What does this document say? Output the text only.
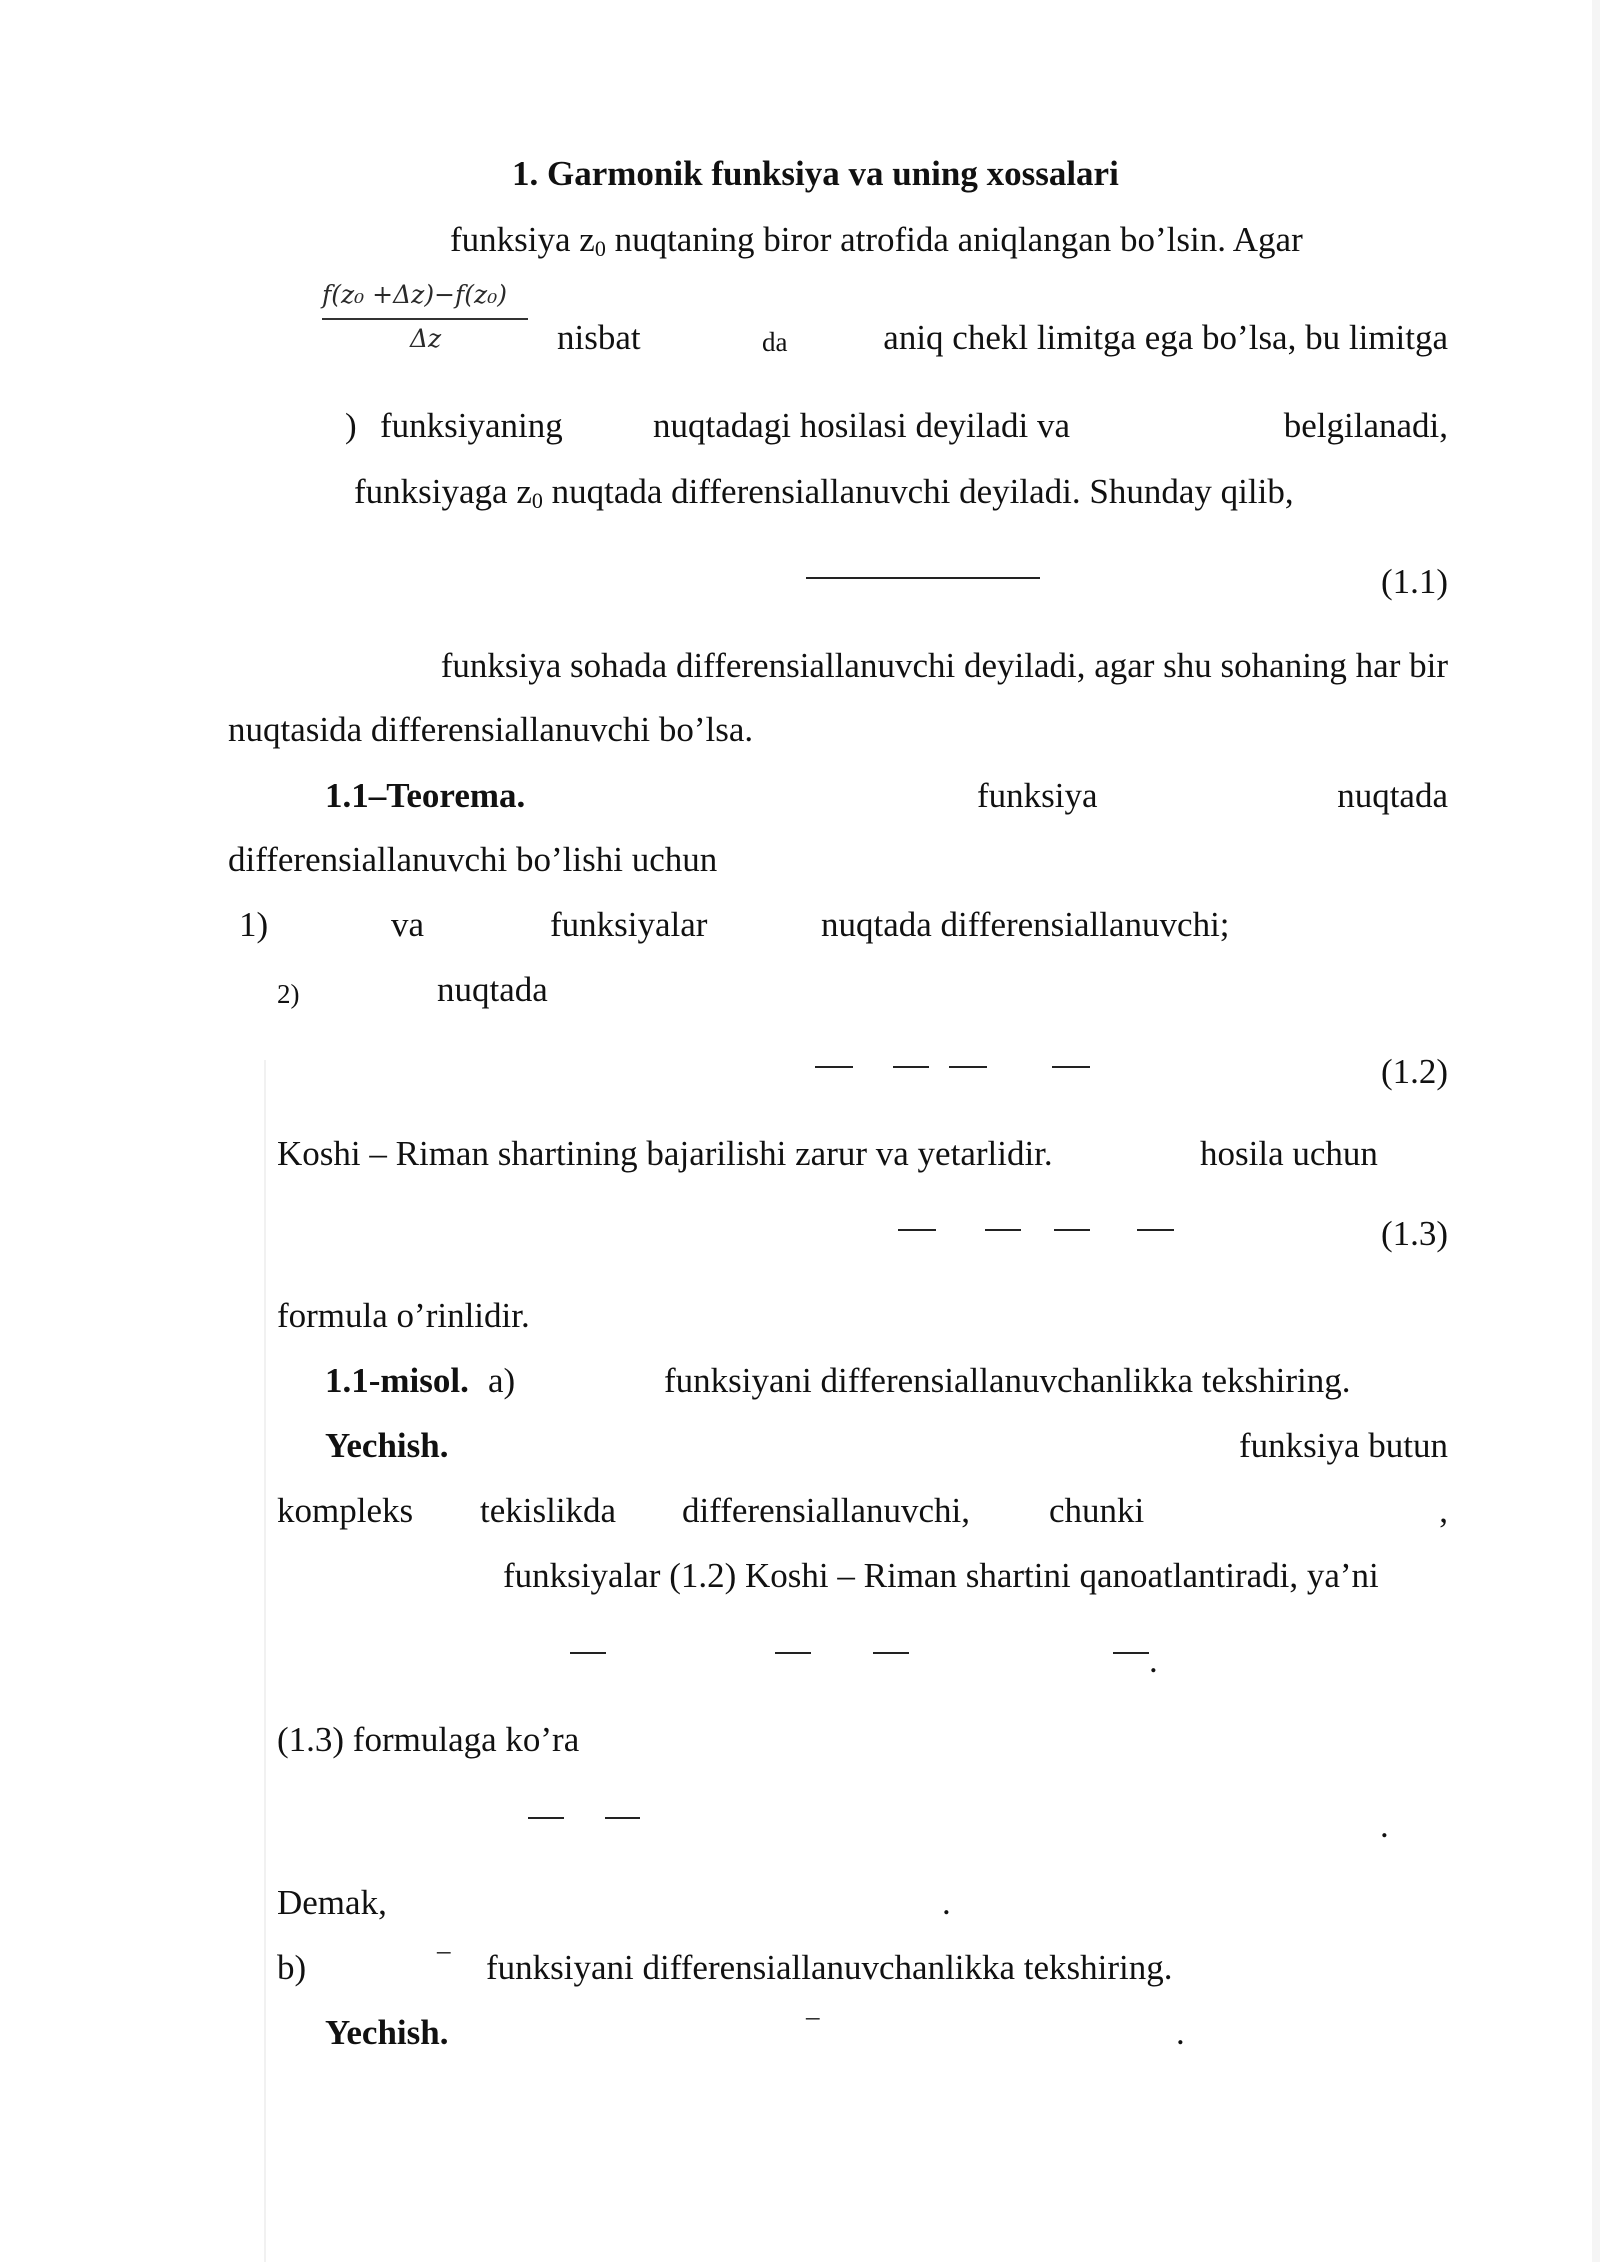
1. Garmonik funksiya va uning xossalari
funksiya $z_0$ nuqtaning biror atrofida aniqlangan bo’lsin. Agar
f(z₀ +Δz)−f(z₀)
Δz	nisbat	da	aniq chekl limitga ega bo’lsa, bu limitga
) funksiyaning	nuqtadagi hosilasi deyiladi va	belgilanadi,
funksiyaga $z_0$ nuqtada differensiallanuvchi deyiladi. Shunday qilib,
(1.1)
funksiya sohada differensiallanuvchi deyiladi, agar shu sohaning har bir
nuqtasida differensiallanuvchi bo’lsa.
1.1–Teorema.	funksiya	nuqtada
differensiallanuvchi bo’lishi uchun
1)	va	funksiyalar	nuqtada differensiallanuvchi;
2)	nuqtada
(1.2)
Koshi – Riman shartining bajarilishi zarur va yetarlidir.	hosila uchun
(1.3)
formula o’rinlidir.
1.1-misol. a)	funksiyani differensiallanuvchanlikka tekshiring.
Yechish.	funksiya butun
kompleks tekislikda differensiallanuvchi, chunki	,
funksiyalar (1.2) Koshi – Riman shartini qanoatlantiradi, ya’ni
.
(1.3) formulaga ko’ra
.
Demak,	.
b)	– funksiyani differensiallanuvchanlikka tekshiring.
Yechish.	–	.
